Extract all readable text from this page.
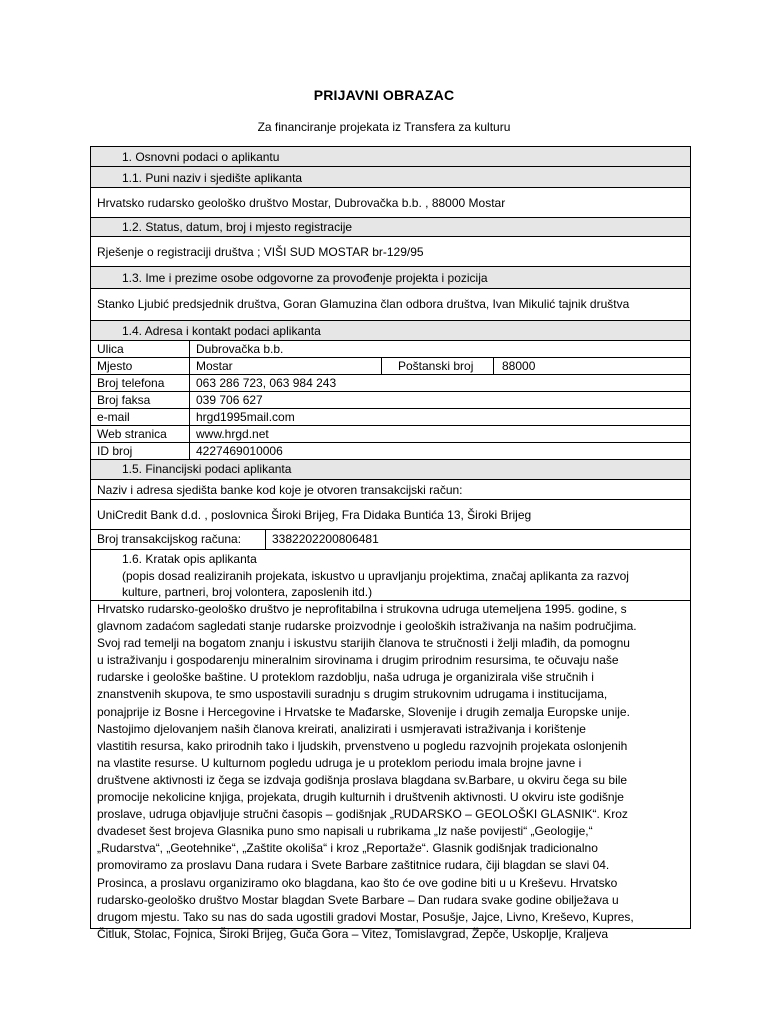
PRIJAVNI OBRAZAC
Za financiranje projekata iz Transfera za kulturu
1. Osnovni podaci o aplikantu
1.1. Puni naziv i sjedište aplikanta
Hrvatsko rudarsko geološko društvo Mostar, Dubrovačka b.b. , 88000 Mostar
1.2. Status, datum, broj i mjesto registracije
Rješenje o registraciji društva ; VIŠI SUD MOSTAR br-129/95
1.3. Ime i prezime osobe odgovorne za provođenje projekta i pozicija
Stanko Ljubić predsjednik društva, Goran Glamuzina član odbora društva, Ivan Mikulić tajnik društva
1.4. Adresa i kontakt podaci aplikanta
Ulica	Dubrovačka b.b.
Mjesto	Mostar	Poštanski broj	88000
Broj telefona	063 286 723, 063 984 243
Broj faksa	039 706 627
e-mail	hrgd1995mail.com
Web stranica	www.hrgd.net
ID broj	4227469010006
1.5. Financijski podaci aplikanta
Naziv i adresa sjedišta banke kod koje je otvoren transakcijski račun:
UniCredit Bank d.d. , poslovnica Široki Brijeg, Fra Didaka Buntića 13, Široki Brijeg
Broj transakcijskog računa:	3382202200806481
1.6. Kratak opis aplikanta
(popis dosad realiziranih projekata, iskustvo u upravljanju projektima, značaj aplikanta za razvoj
kulture, partneri, broj volontera, zaposlenih itd.)

Hrvatsko rudarsko-geološko društvo je neprofitabilna i strukovna udruga utemeljena 1995. godine, s

glavnom zadaćom sagledati stanje rudarske proizvodnje i geoloških istraživanja na našim područjima.

Svoj rad temelji na bogatom znanju i iskustvu starijih članova te stručnosti i želji mlađih, da pomognu

u istraživanju i gospodarenju mineralnim sirovinama i drugim prirodnim resursima, te očuvaju naše

rudarske i geološke baštine. U proteklom razdoblju, naša udruga je organizirala više stručnih i

znanstvenih skupova, te smo uspostavili suradnju s drugim strukovnim udrugama i institucijama,

ponajprije iz Bosne i Hercegovine i Hrvatske te Mađarske, Slovenije i drugih zemalja Europske unije.

Nastojimo djelovanjem naših članova kreirati, analizirati i usmjeravati istraživanja i korištenje

vlastitih resursa, kako prirodnih tako i ljudskih, prvenstveno u pogledu razvojnih projekata oslonjenih

na vlastite resurse. U kulturnom pogledu udruga je u proteklom periodu imala brojne javne i

društvene aktivnosti iz čega se izdvaja godišnja proslava blagdana sv.Barbare, u okviru čega su bile

promocije nekolicine knjiga, projekata, drugih kulturnih i društvenih aktivnosti. U okviru iste godišnje

proslave, udruga objavljuje stručni časopis – godišnjak „RUDARSKO – GEOLOŠKI GLASNIK“. Kroz

dvadeset šest brojeva Glasnika puno smo napisali u rubrikama „Iz naše povijesti“ „Geologije,“

„Rudarstva“, „Geotehnike“, „Zaštite okoliša“ i kroz „Reportaže“. Glasnik godišnjak tradicionalno

promoviramo za proslavu Dana rudara i Svete Barbare zaštitnice rudara, čiji blagdan se slavi 04.

Prosinca, a proslavu organiziramo oko blagdana, kao što će ove godine biti u u Kreševu. Hrvatsko

rudarsko-geološko društvo Mostar blagdan Svete Barbare – Dan rudara svake godine obilježava u

drugom mjestu. Tako su nas do sada ugostili gradovi Mostar, Posušje, Jajce, Livno, Kreševo, Kupres,

Čitluk, Stolac, Fojnica, Široki Brijeg, Guča Gora – Vitez, Tomislavgrad, Žepče, Uskoplje, Kraljeva
